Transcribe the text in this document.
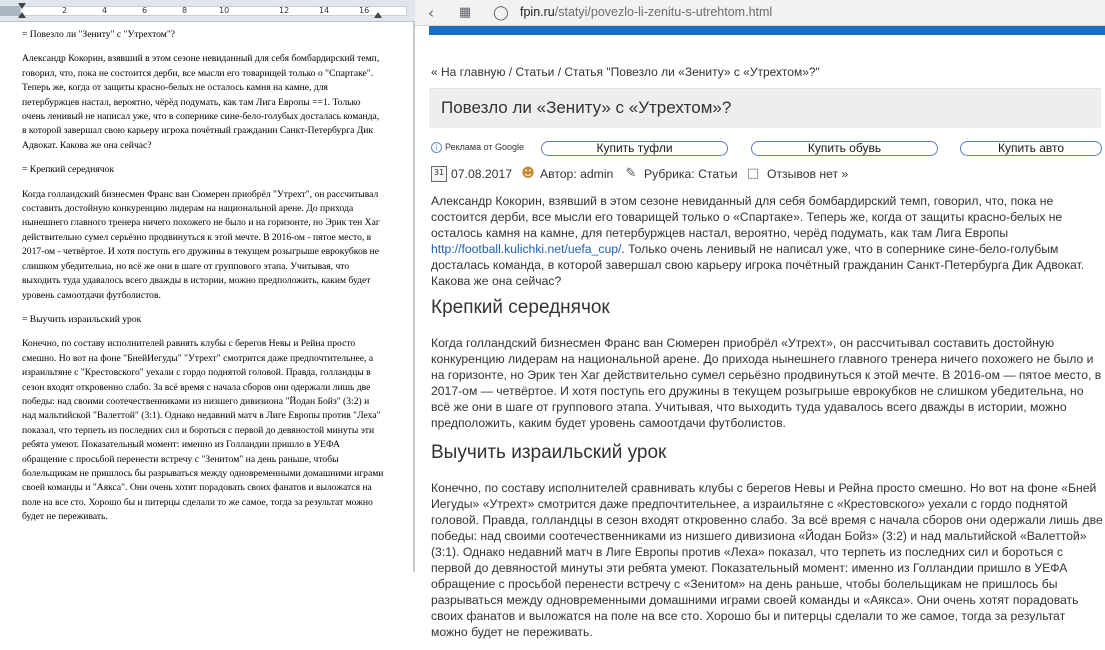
2	4	6	8	10	12	14	16

= Повезло ли "Зениту" с "Утрехтом"?

Александр Кокорин, взявший в этом сезоне невиданный для себя бомбардирский темп, говорил, что, пока не состоится дерби, все мысли его товарищей только о "Спартаке". Теперь же, когда от защиты красно-белых не осталось камня на камне, для петербуржцев настал, вероятно, чёрёд подумать, как там Лига Европы ==1. Только очень ленивый не написал уже, что в сопернике сине-бело-голубых досталась команда, в которой завершал свою карьеру игрока почётный гражданин Санкт-Петербурга Дик Адвокат. Какова же она сейчас?

= Крепкий середнячок

Когда голландский бизнесмен Франс ван Сюмерен приобрёл "Утрехт", он рассчитывал составить достойную конкуренцию лидерам на национальной арене. До прихода нынешнего главного тренера ничего похожего не было и на горизонте, но Эрик тен Хаг действительно сумел серьёзно продвинуться к этой мечте. В 2016-ом - пятое место, в 2017-ом - четвёртое. И хотя поступь его дружины в текущем розыгрыше еврокубков не слишком убедительна, но всё же они в шаге от группового этапа. Учитывая, что выходить туда удавалось всего дважды в истории, можно предположить, каким будет уровень самоотдачи футболистов.

= Выучить израильский урок

Конечно, по составу исполнителей равнять клубы с берегов Невы и Рейна просто смешно. Но вот на фоне "БнейИегуды" "Утрехт" смотрится даже предпочтительнее, а израильтяне с "Крестовского" уехали с гордо поднятой головой. Правда, голландцы в сезон входят откровенно слабо. За всё время с начала сборов они одержали лишь две победы: над своими соотечественниками из низшего дивизиона "Йодан Бойз" (3:2) и над мальтийской "Валеттой" (3:1). Однако недавний матч в Лиге Европы против "Леха" показал, что терпеть из последних сил и бороться с первой до девяностой минуты эти ребята умеют. Показательный момент: именно из Голландии пришло в УЕФА обращение с просьбой перенести встречу с "Зенитом" на день раньше, чтобы болельщикам не пришлось бы разрываться между одновременными домашними играми своей команды и "Аякса". Они очень хотят порадовать своих фанатов и выложатся на поле на все сто. Хорошо бы и питерцы сделали то же самое, тогда за результат можно будет не переживать.

‹	▦ ◯ fpin.ru/statyi/povezlo-li-zenitu-s-utrehtom.html
« На главную / Статьи / Статья "Повезло ли «Зениту» с «Утрехтом»?"
Повезло ли «Зениту» с «Утрехтом»?
i Реклама от Google	Купить туфли	Купить обувь	Купить авто
31 07.08.2017 ☻ Автор: admin ✎ Рубрика: Статьи □ Отзывов нет »
Александр Кокорин, взявший в этом сезоне невиданный для себя бомбардирский темп, говорил, что, пока не состоится дерби, все мысли его товарищей только о «Спартаке». Теперь же, когда от защиты красно-белых не осталось камня на камне, для петербуржцев настал, вероятно, черёд подумать, как там Лига Европы http://football.kulichki.net/uefa_cup/. Только очень ленивый не написал уже, что в сопернике сине-бело-голубым досталась команда, в которой завершал свою карьеру игрока почётный гражданин Санкт-Петербурга Дик Адвокат. Какова же она сейчас?
Крепкий середнячок
Когда голландский бизнесмен Франс ван Сюмерен приобрёл «Утрехт», он рассчитывал составить достойную конкуренцию лидерам на национальной арене. До прихода нынешнего главного тренера ничего похожего не было и на горизонте, но Эрик тен Хаг действительно сумел серьёзно продвинуться к этой мечте. В 2016-ом — пятое место, в 2017-ом — четвёртое. И хотя поступь его дружины в текущем розыгрыше еврокубков не слишком убедительна, но всё же они в шаге от группового этапа. Учитывая, что выходить туда удавалось всего дважды в истории, можно предположить, каким будет уровень самоотдачи футболистов.
Выучить израильский урок
Конечно, по составу исполнителей сравнивать клубы с берегов Невы и Рейна просто смешно. Но вот на фоне «Бней Иегуды» «Утрехт» смотрится даже предпочтительнее, а израильтяне с «Крестовского» уехали с гордо поднятой головой. Правда, голландцы в сезон входят откровенно слабо. За всё время с начала сборов они одержали лишь две победы: над своими соотечественниками из низшего дивизиона «Йодан Бойз» (3:2) и над мальтийской «Валеттой» (3:1). Однако недавний матч в Лиге Европы против «Леха» показал, что терпеть из последних сил и бороться с первой до девяностой минуты эти ребята умеют. Показательный момент: именно из Голландии пришло в УЕФА обращение с просьбой перенести встречу с «Зенитом» на день раньше, чтобы болельщикам не пришлось бы разрываться между одновременными домашними играми своей команды и «Аякса». Они очень хотят порадовать своих фанатов и выложатся на поле на все сто. Хорошо бы и питерцы сделали то же самое, тогда за результат можно будет не переживать.
